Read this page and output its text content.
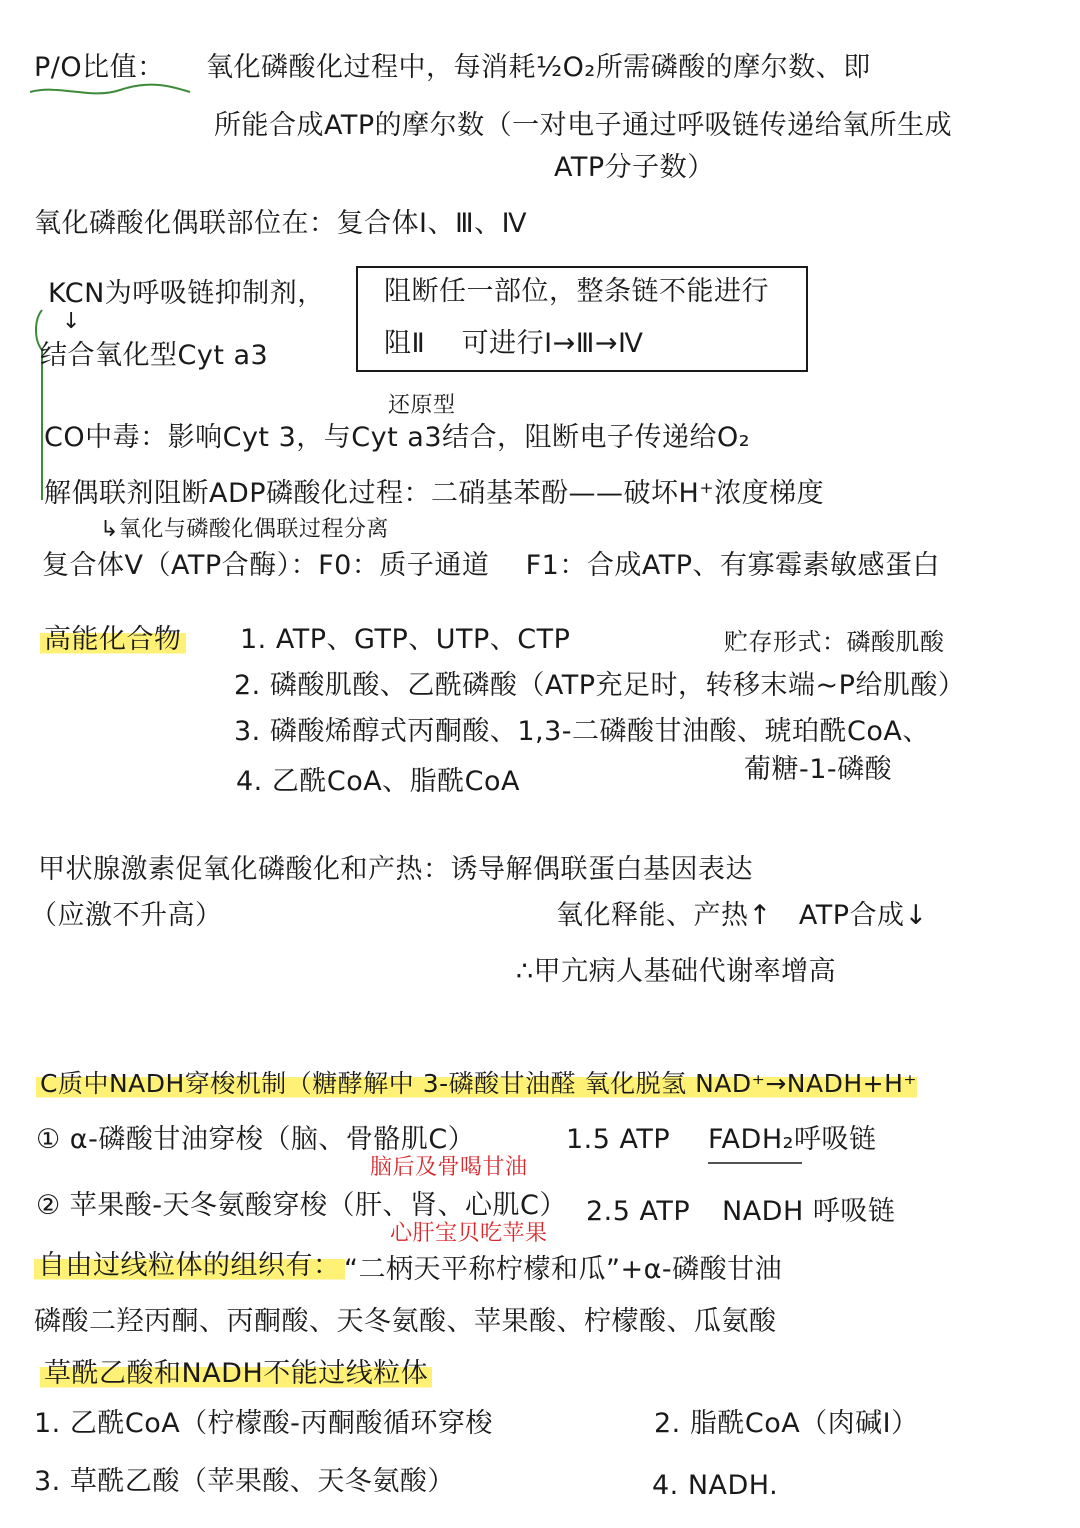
P/O比值： 氧化磷酸化过程中，每消耗½O₂所需磷酸的摩尔数、即
所能合成ATP的摩尔数（一对电子通过呼吸链传递给氧所生成
ATP分子数）
氧化磷酸化偶联部位在：复合体Ⅰ、Ⅲ、Ⅳ
KCN为呼吸链抑制剂，
↓
结合氧化型Cyt a3
阻断任一部位，整条链不能进行
阻Ⅱ    可进行Ⅰ→Ⅲ→Ⅳ
还原型
CO中毒：影响Cyt 3，与Cyt a3结合，阻断电子传递给O₂
解偶联剂阻断ADP磷酸化过程：二硝基苯酚——破坏H⁺浓度梯度
↳氧化与磷酸化偶联过程分离
复合体Ⅴ（ATP合酶）：F0：质子通道    F1：合成ATP、有寡霉素敏感蛋白
高能化合物 1. ATP、GTP、UTP、CTP	贮存形式：磷酸肌酸
2. 磷酸肌酸、乙酰磷酸（ATP充足时，转移末端~P给肌酸）
3. 磷酸烯醇式丙酮酸、1,3-二磷酸甘油酸、琥珀酰CoA、
葡糖-1-磷酸
4. 乙酰CoA、脂酰CoA
甲状腺激素促氧化磷酸化和产热：诱导解偶联蛋白基因表达
（应激不升高）	氧化释能、产热↑   ATP合成↓
∴甲亢病人基础代谢率增高
C质中NADH穿梭机制（糖酵解中 3-磷酸甘油醛 氧化脱氢 NAD⁺→NADH+H⁺
① α-磷酸甘油穿梭（脑、骨骼肌C）	1.5 ATP FADH₂呼吸链
脑后及骨喝甘油
② 苹果酸-天冬氨酸穿梭（肝、肾、心肌C） 2.5 ATP NADH 呼吸链
心肝宝贝吃苹果
自由过线粒体的组织有： “二柄天平称柠檬和瓜”+α-磷酸甘油
磷酸二羟丙酮、丙酮酸、天冬氨酸、苹果酸、柠檬酸、瓜氨酸
草酰乙酸和NADH不能过线粒体
1. 乙酰CoA（柠檬酸-丙酮酸循环穿梭	2. 脂酰CoA（肉碱Ⅰ）
3. 草酰乙酸（苹果酸、天冬氨酸）	4. NADH.
